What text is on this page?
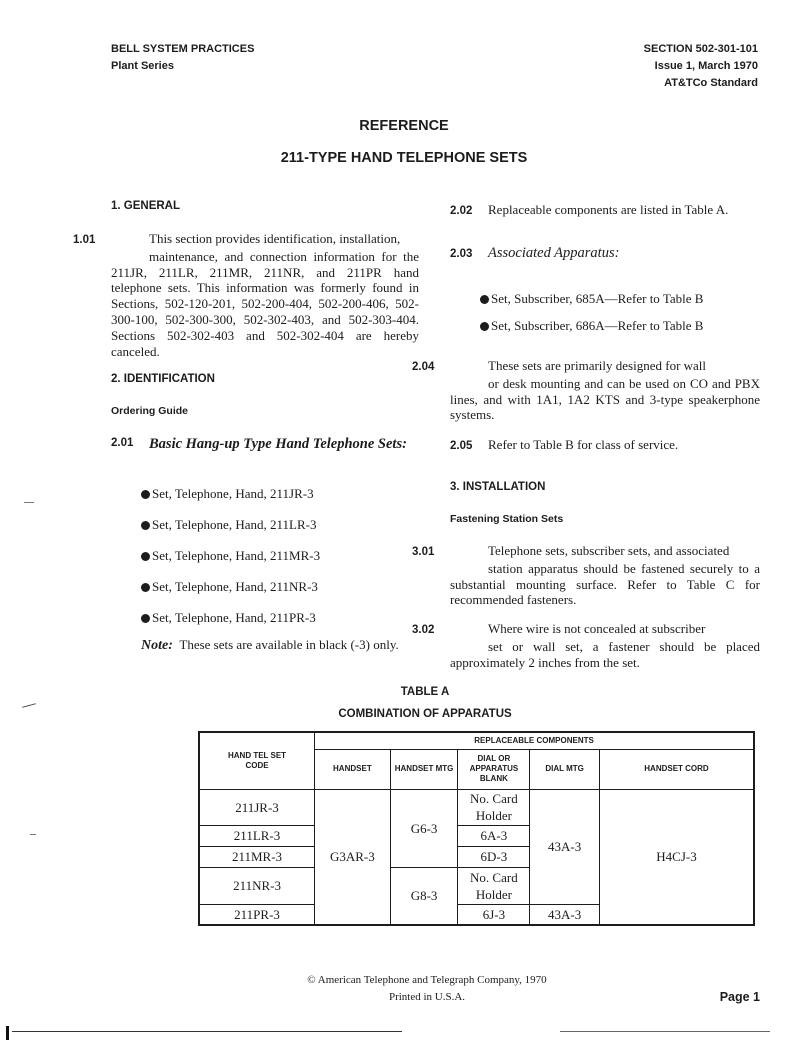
BELL SYSTEM PRACTICES
Plant Series
SECTION 502-301-101
Issue 1, March 1970
AT&TCo Standard
REFERENCE
211-TYPE HAND TELEPHONE SETS
1. GENERAL
1.01	This section provides identification, installation,
maintenance, and connection information for the 211JR, 211LR, 211MR, 211NR, and 211PR hand telephone sets. This information was formerly found in Sections, 502-120-201, 502-200-404, 502-200-406, 502-300-100, 502-300-300, 502-302-403, and 502-303-404. Sections 502-302-403 and 502-302-404 are hereby canceled.
2. IDENTIFICATION
Ordering Guide
2.01	Basic Hang-up Type Hand Telephone Sets:
Set, Telephone, Hand, 211JR-3
Set, Telephone, Hand, 211LR-3
Set, Telephone, Hand, 211MR-3
Set, Telephone, Hand, 211NR-3
Set, Telephone, Hand, 211PR-3
Note: These sets are available in black (-3) only.
2.02 Replaceable components are listed in Table A.
2.03 Associated Apparatus:
Set, Subscriber, 685A—Refer to Table B
Set, Subscriber, 686A—Refer to Table B
2.04	These sets are primarily designed for wall
or desk mounting and can be used on CO and PBX lines, and with 1A1, 1A2 KTS and 3-type speakerphone systems.
2.05 Refer to Table B for class of service.
3. INSTALLATION
Fastening Station Sets
3.01	Telephone sets, subscriber sets, and associated
station apparatus should be fastened securely to a substantial mounting surface. Refer to Table C for recommended fasteners.
3.02	Where wire is not concealed at subscriber
set or wall set, a fastener should be placed approximately 2 inches from the set.
TABLE A
COMBINATION OF APPARATUS
HAND TEL SET CODE	REPLACEABLE COMPONENTS				
	HANDSET	HANDSET MTG	DIAL OR APPARATUS BLANK	DIAL MTG	HANDSET CORD
211JR-3	G3AR-3	G6-3	No. Card Holder	43A-3	H4CJ-3
211LR-3			6A-3		
211MR-3			6D-3		
211NR-3		G8-3	No. Card Holder		
211PR-3			6J-3	43A-3	
© American Telephone and Telegraph Company, 1970
Printed in U.S.A.	Page 1
